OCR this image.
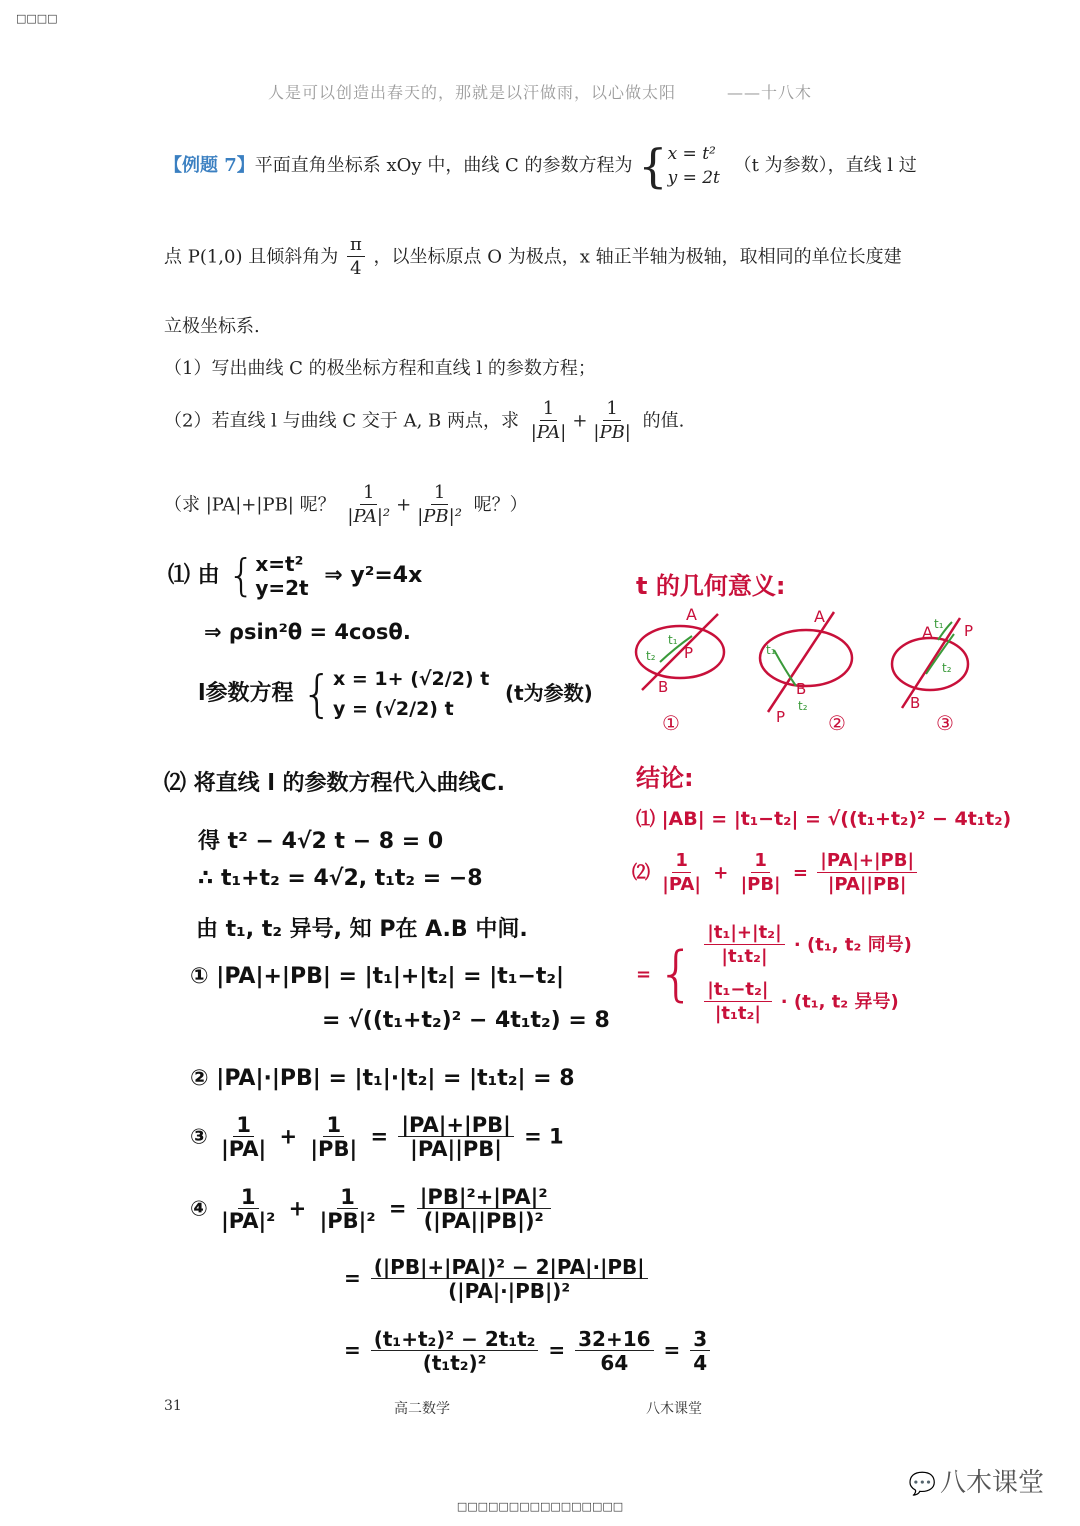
□□□□
人是可以创造出春天的，那就是以汗做雨，以心做太阳　　　——十八木
【例题 7】平面直角坐标系 xOy 中，曲线 C 的参数方程为 { x = t²
y = 2t
（t 为参数），直线 l 过
点 P(1,0) 且倾斜角为 $\frac{\pi}{4}$ ，以坐标原点 O 为极点，x 轴正半轴为极轴，取相同的单位长度建
立极坐标系.
（1）写出曲线 C 的极坐标方程和直线 l 的参数方程；
（2）若直线 l 与曲线 C 交于 A, B 两点，求 $\frac{1}{|PA|} + \frac{1}{|PB|}$ 的值.
（求 |PA|+|PB| 呢？ $\frac{1}{\text{|PA|²}} + \frac{1}{\text{|PB|²}}$ 呢？）
⑴ 由 { x=t²
y=2t ⇒ y²=4x
⇒ ρsin²θ = 4cosθ.
l参数方程 { x = 1+ (√2/2) t
y = (√2/2) t
(t为参数)
⑵ 将直线 l 的参数方程代入曲线C.
得 t² − 4√2 t − 8 = 0
∴ t₁+t₂ = 4√2, t₁t₂ = −8
由 t₁, t₂ 异号, 知 P在 A.B 中间.
① |PA|+|PB| = |t₁|+|t₂| = |t₁−t₂|
= √((t₁+t₂)² − 4t₁t₂) = 8
② |PA|·|PB| = |t₁|·|t₂| = |t₁t₂| = 8
③ $\frac{1}{|PA|} + \frac{1}{|PB|} = \frac{|PA|+|PB|}{|PA||PB|} = 1$
④ $\frac{1}{\text{|PA|²}} + \frac{1}{\text{|PB|²}} = \frac{\text{|PB|²+|PA|²}}{\text{(|PA||PB|)²}}$
= $\frac{\text{(|PB|+|PA|)² − 2|PA|·|PB|}}{\text{(|PA|·|PB|)²}}$
= $\frac{\text{(t₁+t₂)² − 2t₁t₂}}{\text{(t₁t₂)²}} = \frac{32+16}{64} = \frac{3}{4}$
t 的几何意义:
A
P
B
t₁
t₂
①
A
B
P
t₁
t₂
②
A P
B
t₁
t₂
③
结论:
⑴ |AB| = |t₁−t₂| = √((t₁+t₂)² − 4t₁t₂)
⑵ $\frac{1}{|PA|} + \frac{1}{|PB|} = \frac{|PA|+|PB|}{|PA||PB|}$
= { $\frac{\text{|t₁|+|t₂|}}{\text{|t₁t₂|}} \cdot (t_1$, t₂ 同号)
$\frac{\text{|t₁−t₂|}}{\text{|t₁t₂|}} \cdot (t_1$, t₂ 异号)
31	高二数学	八木课堂
💬 八木课堂
□□□□□□□□□□□□□□□□
